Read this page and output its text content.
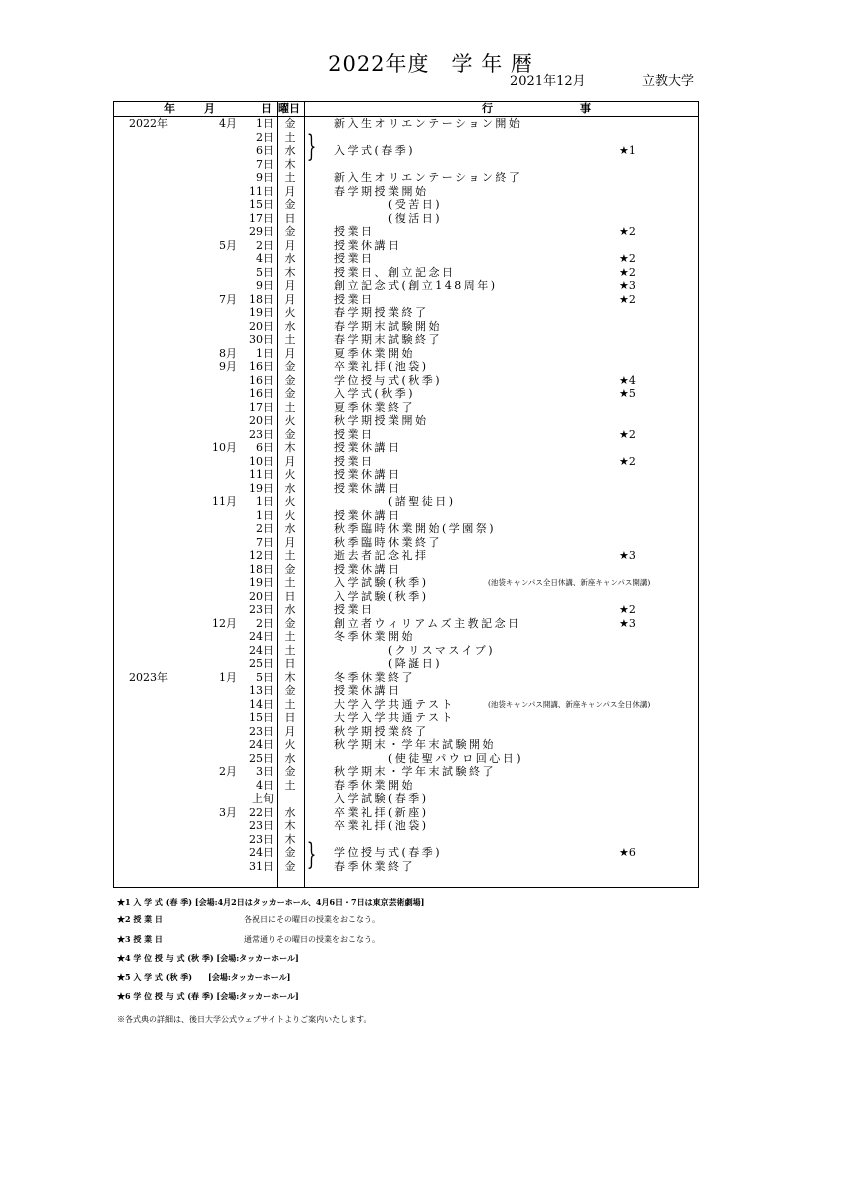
2022年度　学 年 暦
2021年12月	立教大学
年	月	日 曜日	行	事
}
}
2022年	4月	1日 金	新入生オリエンテーション開始
2日 土
6日 水	入学式(春季)	★1
7日 木
9日 土	新入生オリエンテーション終了
11日 月	春学期授業開始
15日 金	　　　　(受苦日)
17日 日	　　　　(復活日)
29日 金	授業日	★2
5月	2日 月	授業休講日
4日 水	授業日	★2
5日 木	授業日、創立記念日	★2
9日 月	創立記念式(創立148周年)	★3
7月	18日 月	授業日	★2
19日 火	春学期授業終了
20日 水	春学期末試験開始
30日 土	春学期末試験終了
8月	1日 月	夏季休業開始
9月	16日 金	卒業礼拝(池袋)
16日 金	学位授与式(秋季)	★4
16日 金	入学式(秋季)	★5
17日 土	夏季休業終了
20日 火	秋学期授業開始
23日 金	授業日	★2
10月	6日 木	授業休講日
10日 月	授業日	★2
11日 火	授業休講日
19日 水	授業休講日
11月	1日 火	　　　　(諸聖徒日)
1日 火	授業休講日
2日 水	秋季臨時休業開始(学園祭)
7日 月	秋季臨時休業終了
12日 土	逝去者記念礼拝	★3
18日 金	授業休講日
19日 土	入学試験(秋季)	(池袋キャンパス全日休講、新座キャンパス開講)
20日 日	入学試験(秋季)
23日 水	授業日	★2
12月	2日 金	創立者ウィリアムズ主教記念日	★3
24日 土	冬季休業開始
24日 土	　　　　(クリスマスイブ)
25日 日	　　　　(降誕日)
2023年	1月	5日 木	冬季休業終了
13日 金	授業休講日
14日 土	大学入学共通テスト	(池袋キャンパス開講、新座キャンパス全日休講)
15日 日	大学入学共通テスト
23日 月	秋学期授業終了
24日 火	秋学期末・学年末試験開始
25日 水	　　　　(使徒聖パウロ回心日)
2月	3日 金	秋学期末・学年末試験終了
4日 土	春季休業開始
上旬	入学試験(春季)
3月	22日 水	卒業礼拝(新座)
23日 木	卒業礼拝(池袋)
23日 木
24日 金	学位授与式(春季)	★6
31日 金	春季休業終了
★1 入 学 式 (春 季) [会場:4月2日はタッカーホール、4月6日・7日は東京芸術劇場]
★2 授 業 日	各祝日にその曜日の授業をおこなう。
★3 授 業 日	通常通りその曜日の授業をおこなう。
★4 学 位 授 与 式 (秋 季) [会場:タッカーホール]
★5 入 学 式 (秋 季)　　[会場:タッカーホール]
★6 学 位 授 与 式 (春 季) [会場:タッカーホール]
※各式典の詳細は、後日大学公式ウェブサイトよりご案内いたします。
